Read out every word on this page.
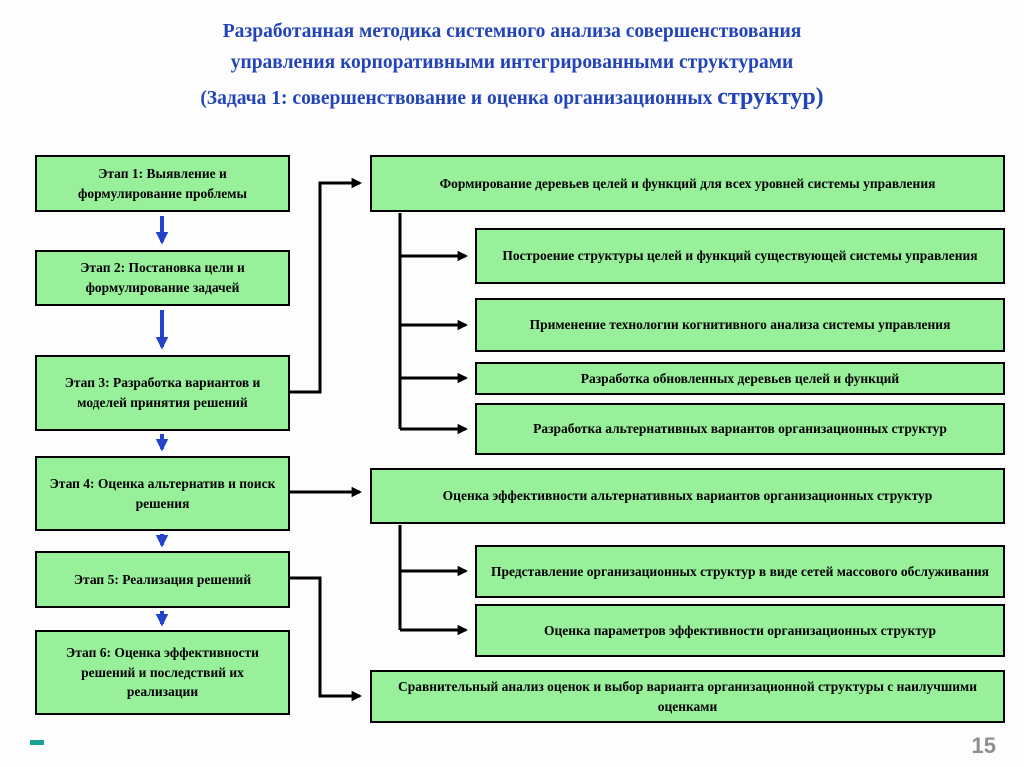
Разработанная методика системного анализа совершенствования
управления корпоративными интегрированными структурами
(Задача 1: совершенствование и оценка организационных структур)
Этап 1: Выявление и формулирование проблемы
Этап 2: Постановка цели и формулирование задачей
Этап 3: Разработка вариантов и моделей принятия решений
Этап 4: Оценка альтернатив и поиск решения
Этап 5: Реализация решений
Этап 6: Оценка эффективности решений и последствий их реализации
Формирование деревьев целей и функций для всех уровней системы управления
Построение структуры целей и функций существующей системы управления
Применение технологии когнитивного анализа системы управления
Разработка обновленных деревьев целей и функций
Разработка альтернативных вариантов организационных структур
Оценка эффективности альтернативных вариантов организационных структур
Представление организационных структур в виде сетей массового обслуживания
Оценка параметров эффективности организационных структур
Сравнительный анализ оценок и выбор варианта организационной структуры с наилучшими оценками
15
